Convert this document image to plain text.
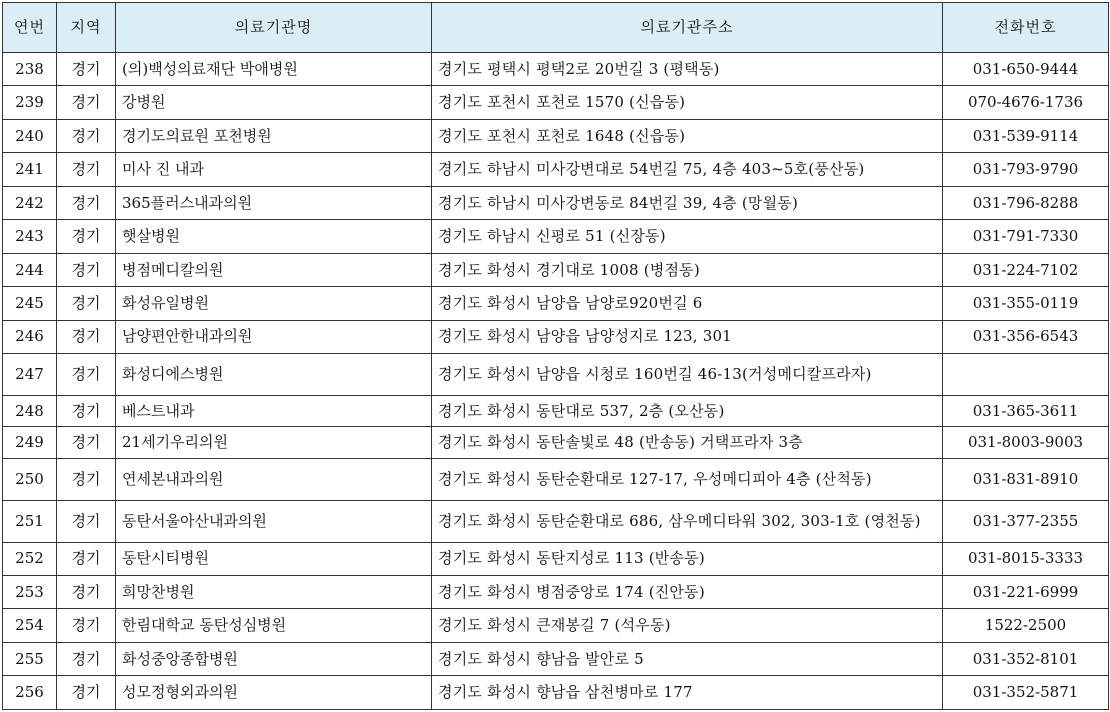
연번	지역	의료기관명	의료기관주소	전화번호
238	경기	(의)백성의료재단 박애병원	경기도 평택시 평택2로 20번길 3 (평택동)	031-650-9444
239	경기	강병원	경기도 포천시 포천로 1570 (신읍동)	070-4676-1736
240	경기	경기도의료원 포천병원	경기도 포천시 포천로 1648 (신읍동)	031-539-9114
241	경기	미사 진 내과	경기도 하남시 미사강변대로 54번길 75, 4층 403~5호(풍산동)	031-793-9790
242	경기	365플러스내과의원	경기도 하남시 미사강변동로 84번길 39, 4층 (망월동)	031-796-8288
243	경기	햇살병원	경기도 하남시 신평로 51 (신장동)	031-791-7330
244	경기	병점메디칼의원	경기도 화성시 경기대로 1008 (병점동)	031-224-7102
245	경기	화성유일병원	경기도 화성시 남양읍 남양로920번길 6	031-355-0119
246	경기	남양편안한내과의원	경기도 화성시 남양읍 남양성지로 123, 301	031-356-6543
247	경기	화성디에스병원	경기도 화성시 남양읍 시청로 160번길 46-13(거성메디칼프라자)	
248	경기	베스트내과	경기도 화성시 동탄대로 537, 2층 (오산동)	031-365-3611
249	경기	21세기우리의원	경기도 화성시 동탄솔빛로 48 (반송동) 거택프라자 3층	031-8003-9003
250	경기	연세본내과의원	경기도 화성시 동탄순환대로 127-17, 우성메디피아 4층 (산척동)	031-831-8910
251	경기	동탄서울아산내과의원	경기도 화성시 동탄순환대로 686, 삼우메디타워 302, 303-1호 (영천동)	031-377-2355
252	경기	동탄시티병원	경기도 화성시 동탄지성로 113 (반송동)	031-8015-3333
253	경기	희망찬병원	경기도 화성시 병점중앙로 174 (진안동)	031-221-6999
254	경기	한림대학교 동탄성심병원	경기도 화성시 큰재봉길 7 (석우동)	1522-2500
255	경기	화성중앙종합병원	경기도 화성시 향남읍 발안로 5	031-352-8101
256	경기	성모정형외과의원	경기도 화성시 향남읍 삼천병마로 177	031-352-5871
